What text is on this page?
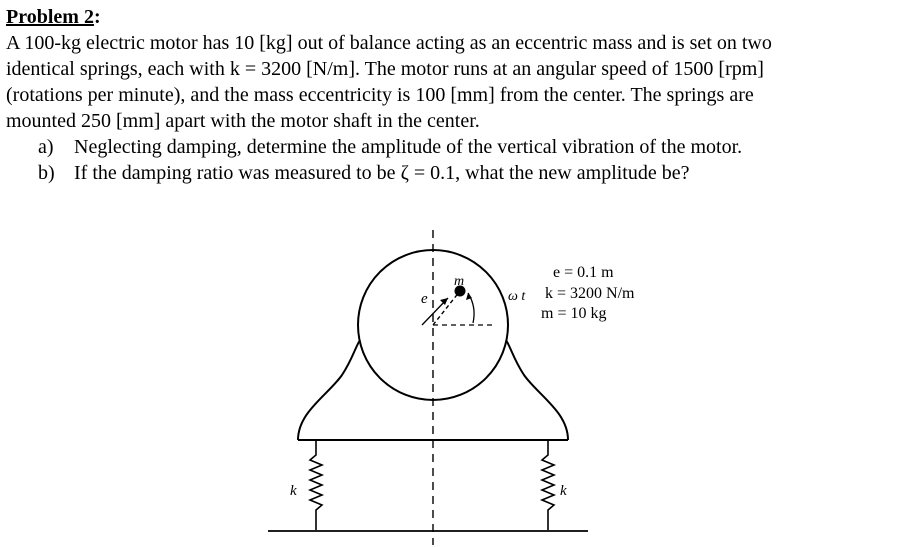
Problem 2:

A 100-kg electric motor has 10 [kg] out of balance acting as an eccentric mass and is set on two
identical springs, each with k = 3200 [N/m]. The motor runs at an angular speed of 1500 [rpm]
(rotations per minute), and the mass eccentricity is 100 [mm] from the center. The springs are
mounted 250 [mm] apart with the motor shaft in the center.

a) Neglecting damping, determine the amplitude of the vertical vibration of the motor.
b) If the damping ratio was measured to be ζ = 0.1, what the new amplitude be?
m
e	ω t
k	k
e = 0.1 m
k = 3200 N/m
m = 10 kg
